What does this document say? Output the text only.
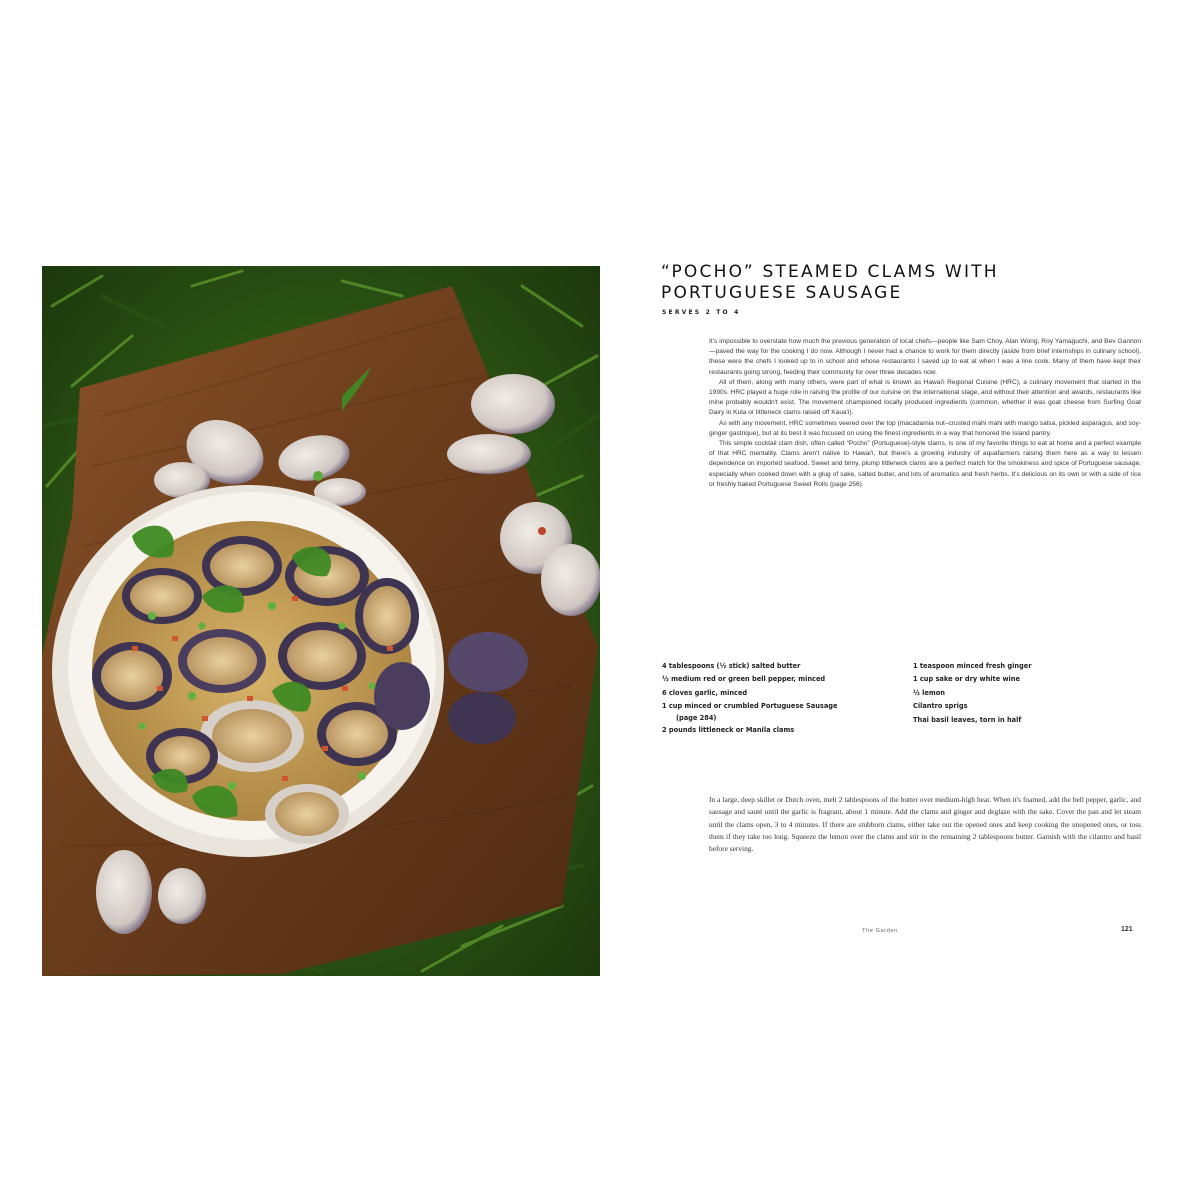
“POCHO” STEAMED CLAMS WITH
PORTUGUESE SAUSAGE
SERVES 2 TO 4

It's impossible to overstate how much the previous generation of local chefs—people like Sam Choy, Alan Wong, Roy Yamaguchi, and Bev Gannon—paved the way for the cooking I do now. Although I never had a chance to work for them directly (aside from brief internships in culinary school), these were the chefs I looked up to in school and whose restaurants I saved up to eat at when I was a line cook. Many of them have kept their restaurants going strong, feeding their community for over three decades now.

All of them, along with many others, were part of what is known as Hawai'i Regional Cuisine (HRC), a culinary movement that started in the 1990s. HRC played a huge role in raising the profile of our cuisine on the international stage, and without their attention and awards, restaurants like mine probably wouldn't exist. The movement championed locally produced ingredients (common, whether it was goat cheese from Surfing Goat Dairy in Kula or littleneck clams raised off Kaua'i).

As with any movement, HRC sometimes veered over the top (macadamia nut–crusted mahi mahi with mango salsa, pickled asparagus, and soy-ginger gastrique), but at its best it was focused on using the finest ingredients in a way that honored the Island pantry.

This simple cocktail clam dish, often called “Pocho” (Portuguese)-style clams, is one of my favorite things to eat at home and a perfect example of that HRC mentality. Clams aren't native to Hawai'i, but there's a growing industry of aquafarmers raising them here as a way to lessen dependence on imported seafood. Sweet and briny, plump littleneck clams are a perfect match for the smokiness and spice of Portuguese sausage, especially when cooked down with a glug of sake, salted butter, and lots of aromatics and fresh herbs. It's delicious on its own or with a side of rice or freshly baked Portuguese Sweet Rolls (page 256).

4 tablespoons (½ stick) salted butter
½ medium red or green bell pepper, minced
6 cloves garlic, minced
1 cup minced or crumbled Portuguese Sausage
(page 284)
2 pounds littleneck or Manila clams
1 teaspoon minced fresh ginger
1 cup sake or dry white wine
½ lemon
Cilantro sprigs
Thai basil leaves, torn in half

In a large, deep skillet or Dutch oven, melt 2 tablespoons of the butter over medium-high heat. When it's foamed, add the bell pepper, garlic, and sausage and sauté until the garlic is fragrant, about 1 minute. Add the clams and ginger and deglaze with the sake. Cover the pan and let steam until the clams open, 3 to 4 minutes. If there are stubborn clams, either take out the opened ones and keep cooking the unopened ones, or toss them if they take too long. Squeeze the lemon over the clams and stir in the remaining 2 tablespoons butter. Garnish with the cilantro and basil before serving.

The Garden	121
